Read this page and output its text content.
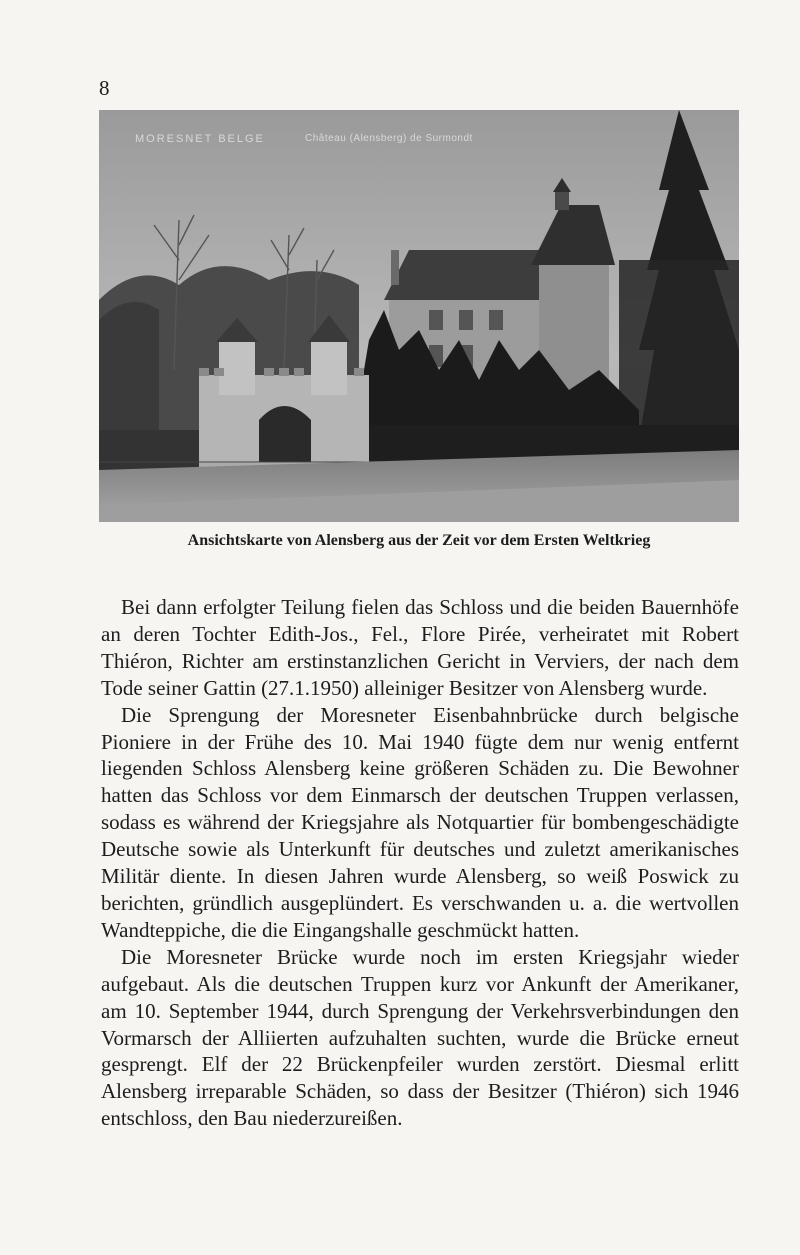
8
MORESNET BELGE	Château (Alensberg) de Surmondt
Ansichtskarte von Alensberg aus der Zeit vor dem Ersten Weltkrieg

Bei dann erfolgter Teilung fielen das Schloss und die beiden Bauernhöfe an deren Tochter Edith-Jos., Fel., Flore Pirée, verheiratet mit Robert Thiéron, Richter am erstinstanzlichen Gericht in Verviers, der nach dem Tode seiner Gattin (27.1.1950) alleiniger Besitzer von Alensberg wurde.

Die Sprengung der Moresneter Eisenbahnbrücke durch belgische Pioniere in der Frühe des 10. Mai 1940 fügte dem nur wenig entfernt liegenden Schloss Alensberg keine größeren Schäden zu. Die Bewohner hatten das Schloss vor dem Einmarsch der deutschen Truppen verlassen, sodass es während der Kriegsjahre als Notquartier für bombengeschädigte Deutsche sowie als Unterkunft für deutsches und zuletzt amerikanisches Militär diente. In diesen Jahren wurde Alensberg, so weiß Poswick zu berichten, gründlich ausgeplündert. Es verschwanden u. a. die wertvollen Wandteppiche, die die Eingangshalle geschmückt hatten.

Die Moresneter Brücke wurde noch im ersten Kriegsjahr wieder aufgebaut. Als die deutschen Truppen kurz vor Ankunft der Amerikaner, am 10. September 1944, durch Sprengung der Verkehrsverbindungen den Vormarsch der Alliierten aufzuhalten suchten, wurde die Brücke erneut gesprengt. Elf der 22 Brückenpfeiler wurden zerstört. Diesmal erlitt Alensberg irreparable Schäden, so dass der Besitzer (Thiéron) sich 1946 entschloss, den Bau niederzureißen.
